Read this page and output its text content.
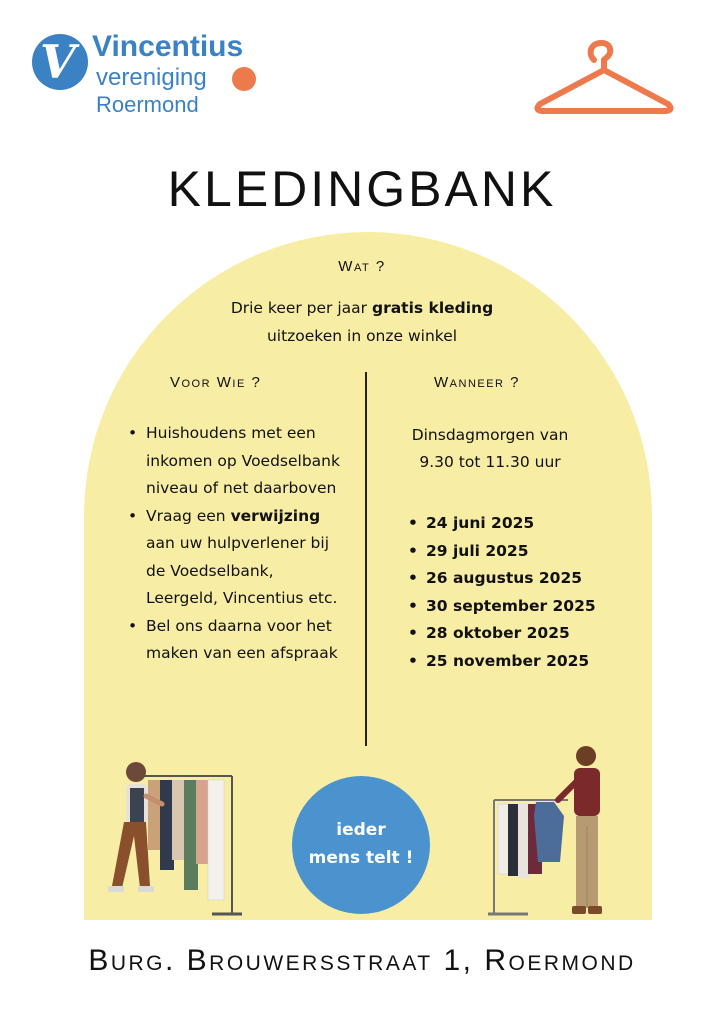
V Vincentius
vereniging
Roermond
KLEDINGBANK
Wat ?
Drie keer per jaar gratis kleding
uitzoeken in onze winkel
Voor Wie ?
• Huishoudens met een inkomen op Voedselbank niveau of net daarboven
• Vraag een verwijzing aan uw hulpverlener bij de Voedselbank, Leergeld, Vincentius etc.
• Bel ons daarna voor het maken van een afspraak
Wanneer ?
Dinsdagmorgen van
9.30 tot 11.30 uur
• 24 juni 2025
• 29 juli 2025
• 26 augustus 2025
• 30 september 2025
• 28 oktober 2025
• 25 november 2025
ieder
mens telt !
Burg. Brouwersstraat 1, Roermond
